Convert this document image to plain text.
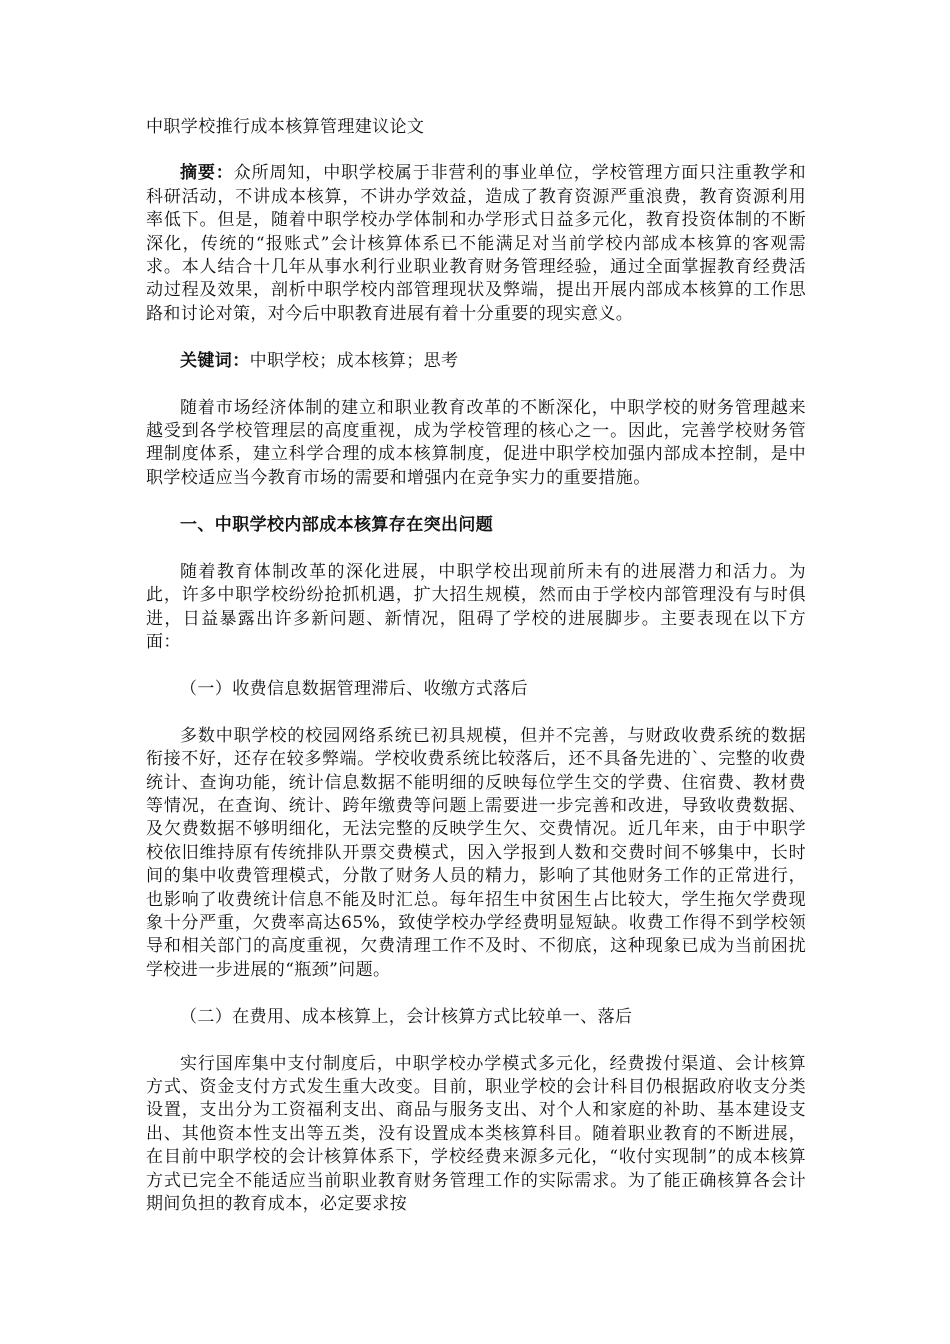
中职学校推行成本核算管理建议论文

摘要：众所周知，中职学校属于非营利的事业单位，学校管理方面只注重教学和科研活动，不讲成本核算，不讲办学效益，造成了教育资源严重浪费，教育资源利用率低下。但是，随着中职学校办学体制和办学形式日益多元化，教育投资体制的不断深化，传统的“报账式”会计核算体系已不能满足对当前学校内部成本核算的客观需求。本人结合十几年从事水利行业职业教育财务管理经验，通过全面掌握教育经费活动过程及效果，剖析中职学校内部管理现状及弊端，提出开展内部成本核算的工作思路和讨论对策，对今后中职教育进展有着十分重要的现实意义。

关键词：中职学校；成本核算；思考

随着市场经济体制的建立和职业教育改革的不断深化，中职学校的财务管理越来越受到各学校管理层的高度重视，成为学校管理的核心之一。因此，完善学校财务管理制度体系，建立科学合理的成本核算制度，促进中职学校加强内部成本控制，是中职学校适应当今教育市场的需要和增强内在竞争实力的重要措施。

一、中职学校内部成本核算存在突出问题

随着教育体制改革的深化进展，中职学校出现前所未有的进展潜力和活力。为此，许多中职学校纷纷抢抓机遇，扩大招生规模，然而由于学校内部管理没有与时俱进，日益暴露出许多新问题、新情况，阻碍了学校的进展脚步。主要表现在以下方面：

（一）收费信息数据管理滞后、收缴方式落后

多数中职学校的校园网络系统已初具规模，但并不完善，与财政收费系统的数据衔接不好，还存在较多弊端。学校收费系统比较落后，还不具备先进的`、完整的收费统计、查询功能，统计信息数据不能明细的反映每位学生交的学费、住宿费、教材费等情况，在查询、统计、跨年缴费等问题上需要进一步完善和改进，导致收费数据、及欠费数据不够明细化，无法完整的反映学生欠、交费情况。近几年来，由于中职学校依旧维持原有传统排队开票交费模式，因入学报到人数和交费时间不够集中，长时间的集中收费管理模式，分散了财务人员的精力，影响了其他财务工作的正常进行，也影响了收费统计信息不能及时汇总。每年招生中贫困生占比较大，学生拖欠学费现象十分严重，欠费率高达65%，致使学校办学经费明显短缺。收费工作得不到学校领导和相关部门的高度重视，欠费清理工作不及时、不彻底，这种现象已成为当前困扰学校进一步进展的“瓶颈”问题。

（二）在费用、成本核算上，会计核算方式比较单一、落后

实行国库集中支付制度后，中职学校办学模式多元化，经费拨付渠道、会计核算方式、资金支付方式发生重大改变。目前，职业学校的会计科目仍根据政府收支分类设置，支出分为工资福利支出、商品与服务支出、对个人和家庭的补助、基本建设支出、其他资本性支出等五类，没有设置成本类核算科目。随着职业教育的不断进展，在目前中职学校的会计核算体系下，学校经费来源多元化，“收付实现制”的成本核算方式已完全不能适应当前职业教育财务管理工作的实际需求。为了能正确核算各会计期间负担的教育成本，必定要求按
